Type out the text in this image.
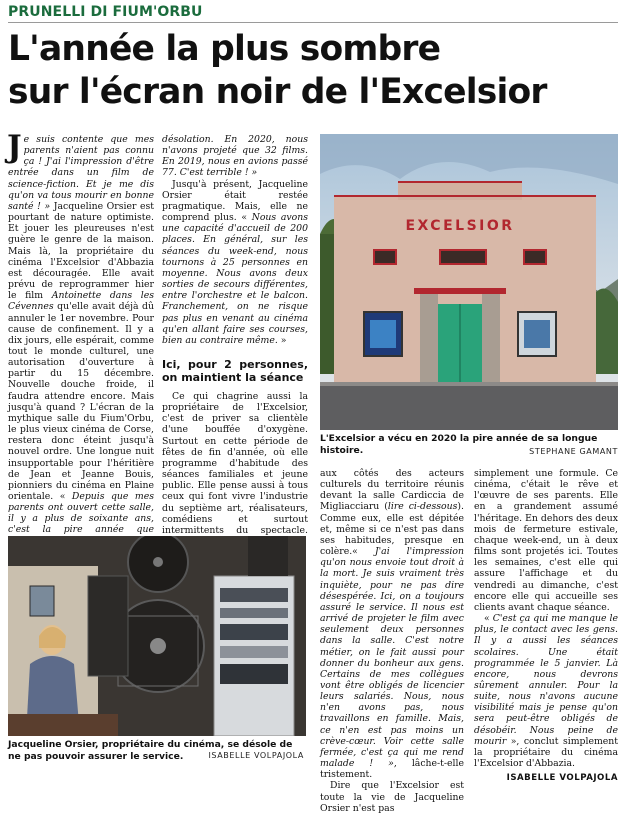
PRUNELLI DI FIUM'ORBU
L'année la plus sombre
sur l'écran noir de l'Excelsior

Je suis contente que mes parents n'aient pas connu ça ! J'ai l'impression d'être entrée dans un film de science-fiction. Et je me dis qu'on va tous mourir en bonne santé ! » Jacqueline Orsier est pourtant de nature optimiste. Et jouer les pleureuses n'est guère le genre de la maison. Mais là, la propriétaire du cinéma l'Excelsior d'Abbazia est découragée. Elle avait prévu de reprogrammer hier le film Antoinette dans les Cévennes qu'elle avait déjà dû annuler le 1er novembre. Pour cause de confinement. Il y a dix jours, elle espérait, comme tout le monde culturel, une autorisation d'ouverture à partir du 15 décembre. Nouvelle douche froide, il faudra attendre encore. Mais jusqu'à quand ? L'écran de la mythique salle du Fium'Orbu, le plus vieux cinéma de Corse, restera donc éteint jusqu'à nouvel ordre. Une longue nuit insupportable pour l'héritière de Jean et Jeanne Bouis, pionniers du cinéma en Plaine orientale. « Depuis que mes parents ont ouvert cette salle, il y a plus de soixante ans, c'est la pire année que

désolation. En 2020, nous n'avons projeté que 32 films. En 2019, nous en avions passé 77. C'est terrible ! »

Jusqu'à présent, Jacqueline Orsier était restée pragmatique. Mais, elle ne comprend plus. « Nous avons une capacité d'accueil de 200 places. En général, sur les séances du week-end, nous tournons à 25 personnes en moyenne. Nous avons deux sorties de secours différentes, entre l'orchestre et le balcon. Franchement, on ne risque pas plus en venant au cinéma qu'en allant faire ses courses, bien au contraire même. »

Ici, pour 2 personnes, on maintient la séance

Ce qui chagrine aussi la propriétaire de l'Excelsior, c'est de priver sa clientèle d'une bouffée d'oxygène. Surtout en cette période de fêtes de fin d'année, où elle programme d'habitude des séances familiales et jeune public. Elle pense aussi à tous ceux qui font vivre l'industrie du septième art, réalisateurs, comédiens et surtout intermittents du spectacle.

EXCELSIOR
L'Excelsior a vécu en 2020 la pire année de sa longue histoire.	STEPHANE GAMANT

aux côtés des acteurs culturels du territoire réunis devant la salle Cardiccia de Migliacciaru (lire ci-dessous). Comme eux, elle est dépitée et, même si ce n'est pas dans ses habitudes, presque en colère.« J'ai l'impression qu'on nous envoie tout droit à la mort. Je suis vraiment très inquiète, pour ne pas dire désespérée. Ici, on a toujours assuré le service. Il nous est arrivé de projeter le film avec seulement deux personnes dans la salle. C'est notre métier, on le fait aussi pour donner du bonheur aux gens. Certains de mes collègues vont être obligés de licencier leurs salariés. Nous, nous n'en avons pas, nous travaillons en famille. Mais, ce n'en est pas moins un crève-cœur. Voir cette salle fermée, c'est ça qui me rend malade ! », lâche-t-elle tristement.

Dire que l'Excelsior est toute la vie de Jacqueline Orsier n'est pas

simplement une formule. Ce cinéma, c'était le rêve et l'œuvre de ses parents. Elle en a grandement assumé l'héritage. En dehors des deux mois de fermeture estivale, chaque week-end, un à deux films sont projetés ici. Toutes les semaines, c'est elle qui assure l'affichage et du vendredi au dimanche, c'est encore elle qui accueille ses clients avant chaque séance.

« C'est ça qui me manque le plus, le contact avec les gens. Il y a aussi les séances scolaires. Une était programmée le 5 janvier. Là encore, nous devrons sûrement annuler. Pour la suite, nous n'avons aucune visibilité mais je pense qu'on sera peut-être obligés de désobéir. Nous peine de mourir », conclut simplement la propriétaire du cinéma l'Excelsior d'Abbazia.

ISABELLE VOLPAJOLA
Jacqueline Orsier, propriétaire du cinéma, se désole de ne pas pouvoir assurer le service.	ISABELLE VOLPAJOLA
